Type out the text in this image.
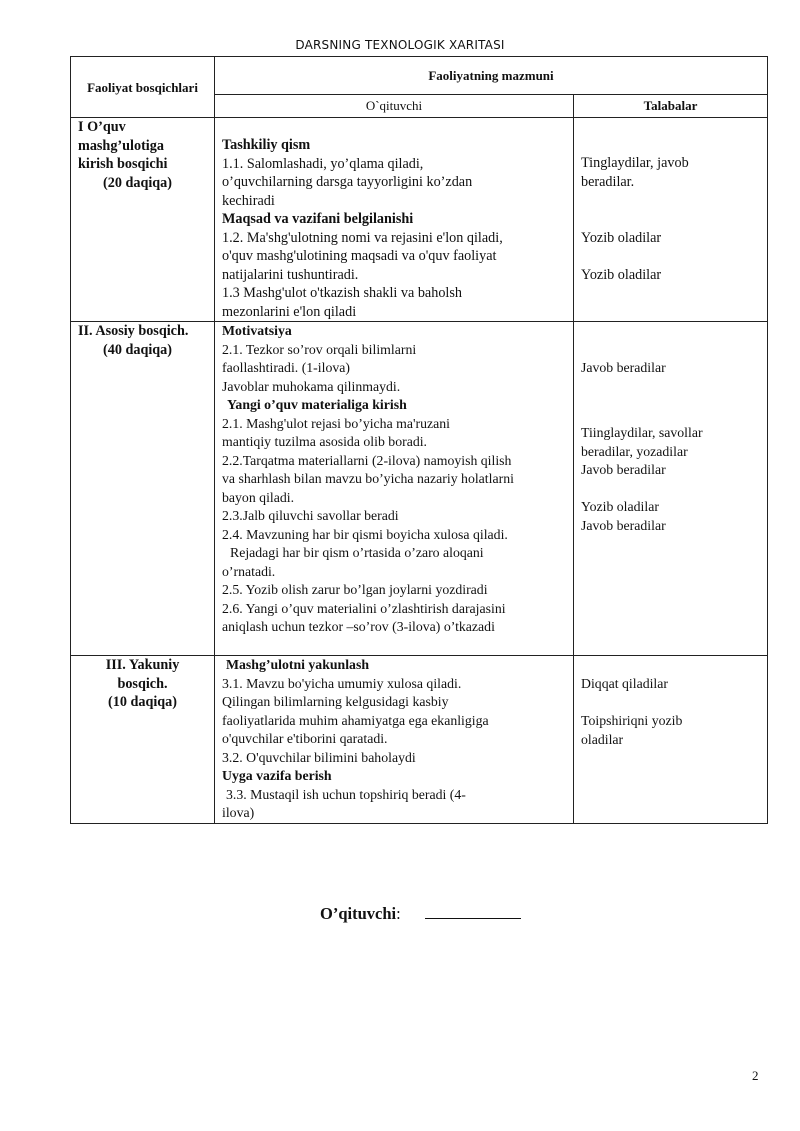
DARSNING TEXNOLOGIK XARITASI
Faoliyat bosqichlari
Faoliyatning mazmuni
O`qituvchi	Talabalar
I O’quv
mashg’ulotiga
kirish bosqichi
(20 daqiqa)
Tashkiliy qism
1.1. Salomlashadi, yo’qlama qiladi,
o’quvchilarning darsga tayyorligini ko’zdan
kechiradi
Maqsad va vazifani belgilanishi
1.2. Ma'shg'ulotning nomi va rejasini e'lon qiladi,
o'quv mashg'ulotining maqsadi va o'quv faoliyat
natijalarini tushuntiradi.
1.3 Mashg'ulot o'tkazish shakli va baholsh
mezonlarini e'lon qiladi
Tinglaydilar, javob
beradilar.
Yozib oladilar
Yozib oladilar
II. Asosiy bosqich.
(40 daqiqa)
Motivatsiya
2.1. Tezkor so’rov orqali bilimlarni
faollashtiradi. (1-ilova)
Javoblar muhokama qilinmaydi.
Yangi o’quv materialiga kirish
2.1. Mashg'ulot rejasi bo’yicha ma'ruzani
mantiqiy tuzilma asosida olib boradi.
2.2.Tarqatma materiallarni (2-ilova) namoyish qilish
va sharhlash bilan mavzu bo’yicha nazariy holatlarni
bayon qiladi.
2.3.Jalb qiluvchi savollar beradi
2.4. Mavzuning har bir qismi boyicha xulosa qiladi.
Rejadagi har bir qism o’rtasida o’zaro aloqani
o’rnatadi.
2.5. Yozib olish zarur bo’lgan joylarni yozdiradi
2.6. Yangi o’quv materialini o’zlashtirish darajasini
aniqlash uchun tezkor –so’rov (3-ilova) o’tkazadi
Javob beradilar
Tiinglaydilar, savollar
beradilar, yozadilar
Javob beradilar
Yozib oladilar
Javob beradilar
III. Yakuniy
bosqich.
(10 daqiqa)
Mashg’ulotni yakunlash
3.1. Mavzu bo'yicha umumiy xulosa qiladi.
Qilingan bilimlarning kelgusidagi kasbiy
faoliyatlarida muhim ahamiyatga ega ekanligiga
o'quvchilar e'tiborini qaratadi.
3.2. O'quvchilar bilimini baholaydi
Uyga vazifa berish
3.3. Mustaqil ish uchun topshiriq beradi (4-
ilova)
Diqqat qiladilar
Toipshiriqni yozib
oladilar
O’qituvchi:
2
